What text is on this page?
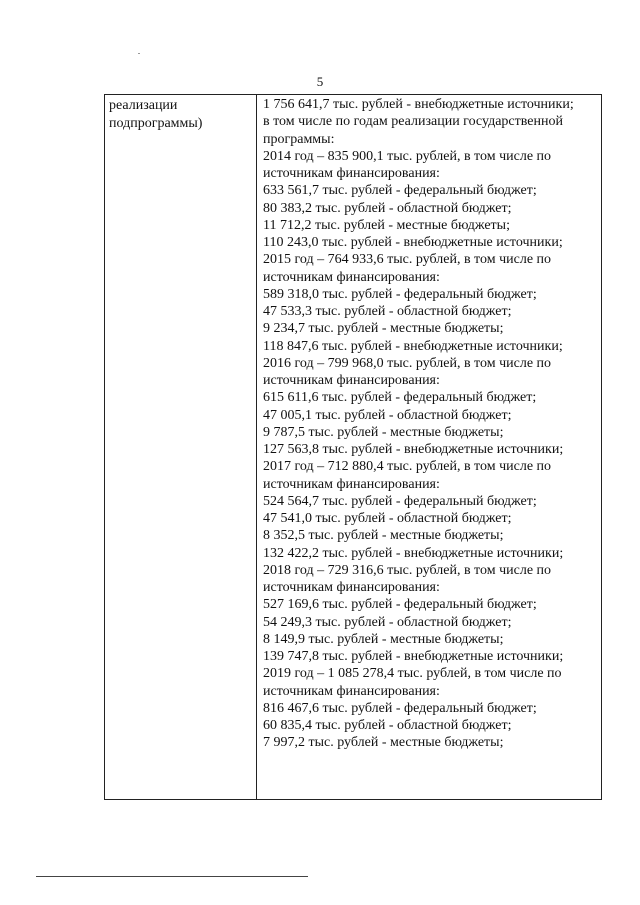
5
реализации
подпрограммы)
1 756 641,7 тыс. рублей - внебюджетные источники;
в том числе по годам реализации государственной
программы:
2014 год – 835 900,1 тыс. рублей, в том числе по
источникам финансирования:
633 561,7 тыс. рублей - федеральный бюджет;
80 383,2 тыс. рублей - областной бюджет;
11 712,2 тыс. рублей - местные бюджеты;
110 243,0 тыс. рублей - внебюджетные источники;
2015 год – 764 933,6 тыс. рублей, в том числе по
источникам финансирования:
589 318,0 тыс. рублей - федеральный бюджет;
47 533,3 тыс. рублей - областной бюджет;
9 234,7 тыс. рублей - местные бюджеты;
118 847,6 тыс. рублей - внебюджетные источники;
2016 год – 799 968,0 тыс. рублей, в том числе по
источникам финансирования:
615 611,6 тыс. рублей - федеральный бюджет;
47 005,1 тыс. рублей - областной бюджет;
9 787,5 тыс. рублей - местные бюджеты;
127 563,8 тыс. рублей - внебюджетные источники;
2017 год – 712 880,4 тыс. рублей, в том числе по
источникам финансирования:
524 564,7 тыс. рублей - федеральный бюджет;
47 541,0 тыс. рублей - областной бюджет;
8 352,5 тыс. рублей - местные бюджеты;
132 422,2 тыс. рублей - внебюджетные источники;
2018 год – 729 316,6 тыс. рублей, в том числе по
источникам финансирования:
527 169,6 тыс. рублей - федеральный бюджет;
54 249,3 тыс. рублей - областной бюджет;
8 149,9 тыс. рублей - местные бюджеты;
139 747,8 тыс. рублей - внебюджетные источники;
2019 год – 1 085 278,4 тыс. рублей, в том числе по
источникам финансирования:
816 467,6 тыс. рублей - федеральный бюджет;
60 835,4 тыс. рублей - областной бюджет;
7 997,2 тыс. рублей - местные бюджеты;
